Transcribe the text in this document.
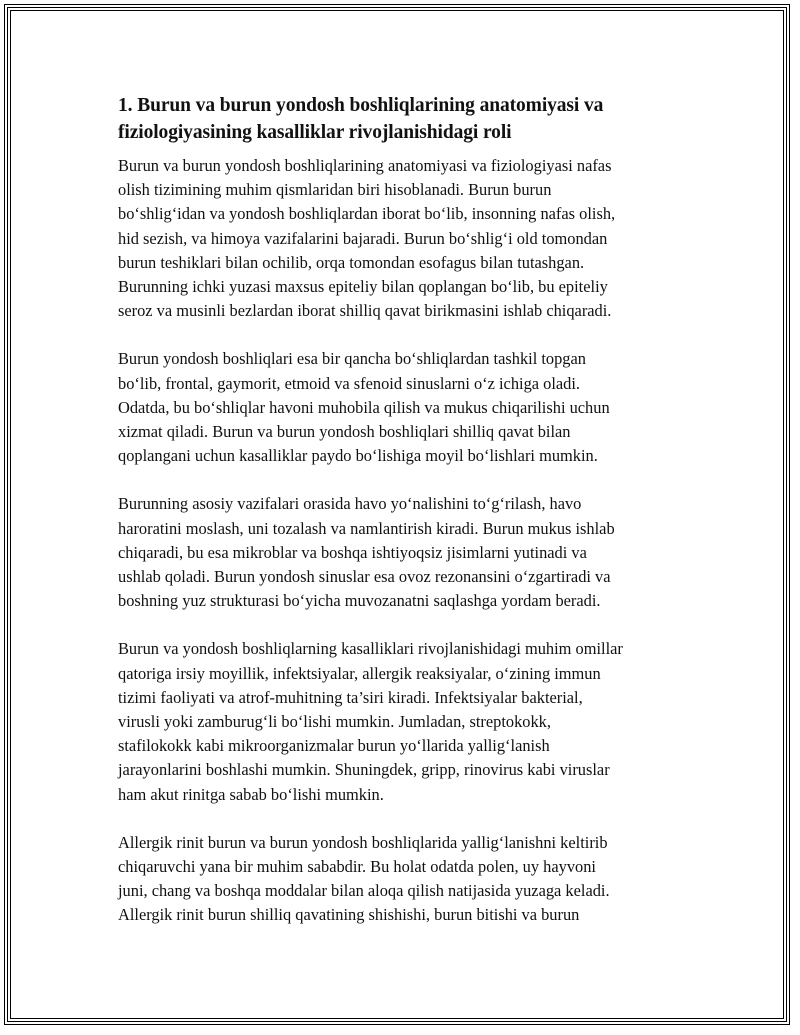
1. Burun va burun yondosh boshliqlarining anatomiyasi va
fiziologiyasining kasalliklar rivojlanishidagi roli

Burun va burun yondosh boshliqlarining anatomiyasi va fiziologiyasi nafas
olish tizimining muhim qismlaridan biri hisoblanadi. Burun burun
bo‘shlig‘idan va yondosh boshliqlardan iborat bo‘lib, insonning nafas olish,
hid sezish, va himoya vazifalarini bajaradi. Burun bo‘shlig‘i old tomondan
burun teshiklari bilan ochilib, orqa tomondan esofagus bilan tutashgan.
Burunning ichki yuzasi maxsus epiteliy bilan qoplangan bo‘lib, bu epiteliy
seroz va musinli bezlardan iborat shilliq qavat birikmasini ishlab chiqaradi.

Burun yondosh boshliqlari esa bir qancha bo‘shliqlardan tashkil topgan
bo‘lib, frontal, gaymorit, etmoid va sfenoid sinuslarni o‘z ichiga oladi.
Odatda, bu bo‘shliqlar havoni muhobila qilish va mukus chiqarilishi uchun
xizmat qiladi. Burun va burun yondosh boshliqlari shilliq qavat bilan
qoplangani uchun kasalliklar paydo bo‘lishiga moyil bo‘lishlari mumkin.

Burunning asosiy vazifalari orasida havo yo‘nalishini to‘g‘rilash, havo
haroratini moslash, uni tozalash va namlantirish kiradi. Burun mukus ishlab
chiqaradi, bu esa mikroblar va boshqa ishtiyoqsiz jisimlarni yutinadi va
ushlab qoladi. Burun yondosh sinuslar esa ovoz rezonansini o‘zgartiradi va
boshning yuz strukturasi bo‘yicha muvozanatni saqlashga yordam beradi.

Burun va yondosh boshliqlarning kasalliklari rivojlanishidagi muhim omillar
qatoriga irsiy moyillik, infektsiyalar, allergik reaksiyalar, o‘zining immun
tizimi faoliyati va atrof-muhitning ta’siri kiradi. Infektsiyalar bakterial,
virusli yoki zamburug‘li bo‘lishi mumkin. Jumladan, streptokokk,
stafilokokk kabi mikroorganizmalar burun yo‘llarida yallig‘lanish
jarayonlarini boshlashi mumkin. Shuningdek, gripp, rinovirus kabi viruslar
ham akut rinitga sabab bo‘lishi mumkin.

Allergik rinit burun va burun yondosh boshliqlarida yallig‘lanishni keltirib
chiqaruvchi yana bir muhim sababdir. Bu holat odatda polen, uy hayvoni
juni, chang va boshqa moddalar bilan aloqa qilish natijasida yuzaga keladi.
Allergik rinit burun shilliq qavatining shishishi, burun bitishi va burun
